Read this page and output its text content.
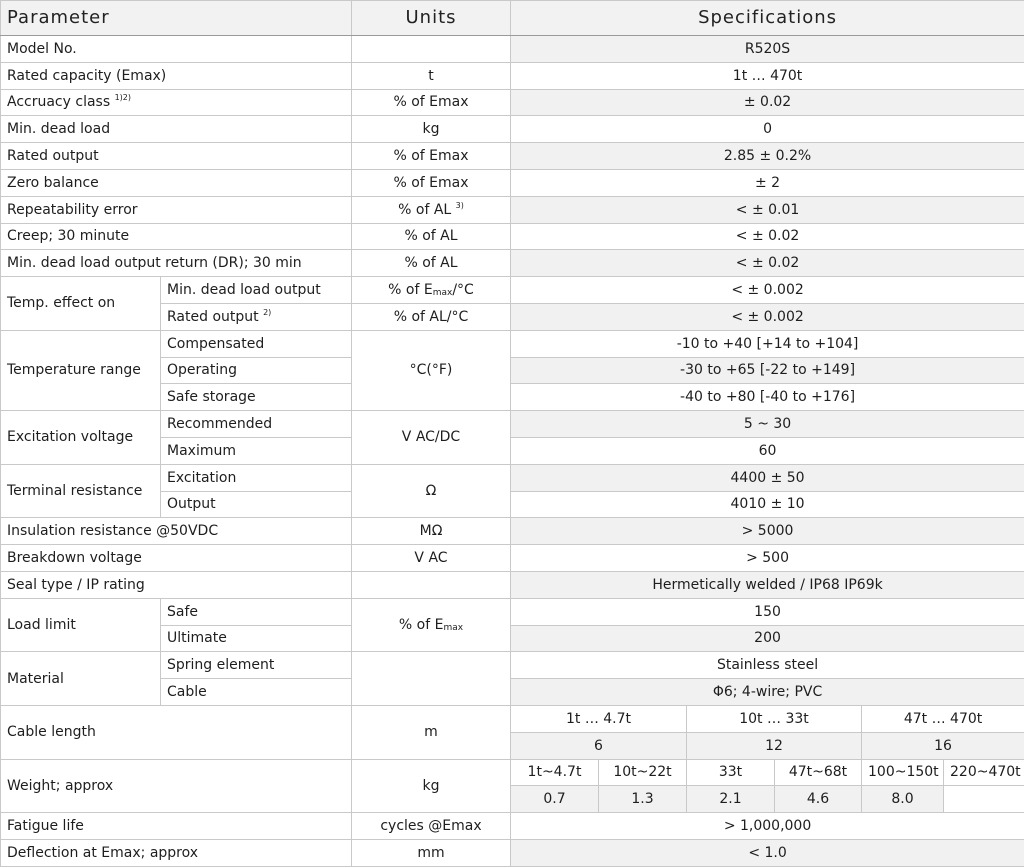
Parameter		Units	Specifications					
Model No.			R520S					
Rated capacity (Emax)		t	1t … 470t					
Accruacy class $^{1)2)}$		% of Emax	± 0.02					
Min. dead load		kg	0					
Rated output		% of Emax	2.85 ± 0.2%					
Zero balance		% of Emax	± 2					
Repeatability error		% of AL $^{3)}$	< ± 0.01					
Creep; 30 minute		% of AL	< ± 0.02					
Min. dead load output return (DR); 30 min		% of AL	< ± 0.02					
Temp. effect on	Min. dead load output	% of $E_{max}/^\circ C$	< ± 0.002					
	Rated output $^{2)}$	% of AL/°C	< ± 0.002					
Temperature range	Compensated	°C(°F)	-10 to +40 [+14 to +104]					
	Operating		-30 to +65 [-22 to +149]					
	Safe storage		-40 to +80 [-40 to +176]					
Excitation voltage	Recommended	V AC/DC	5 ~ 30					
	Maximum		60					
Terminal resistance	Excitation	Ω	4400 ± 50					
	Output		4010 ± 10					
Insulation resistance @50VDC		MΩ	> 5000					
Breakdown voltage		V AC	> 500					
Seal type / IP rating			Hermetically welded / IP68 IP69k					
Load limit	Safe	% of $E_{max}$	150					
	Ultimate		200					
Material	Spring element		Stainless steel					
	Cable		Φ6; 4-wire; PVC					
Cable length		m	1t … 4.7t		10t … 33t		47t … 470t	
			6		12		16	
Weight; approx		kg	1t~4.7t	10t~22t	33t	47t~68t	100~150t	220~470t
			0.7	1.3	2.1	4.6	8.0	
Fatigue life		cycles @Emax	> 1,000,000					
Deflection at Emax; approx		mm	< 1.0					
